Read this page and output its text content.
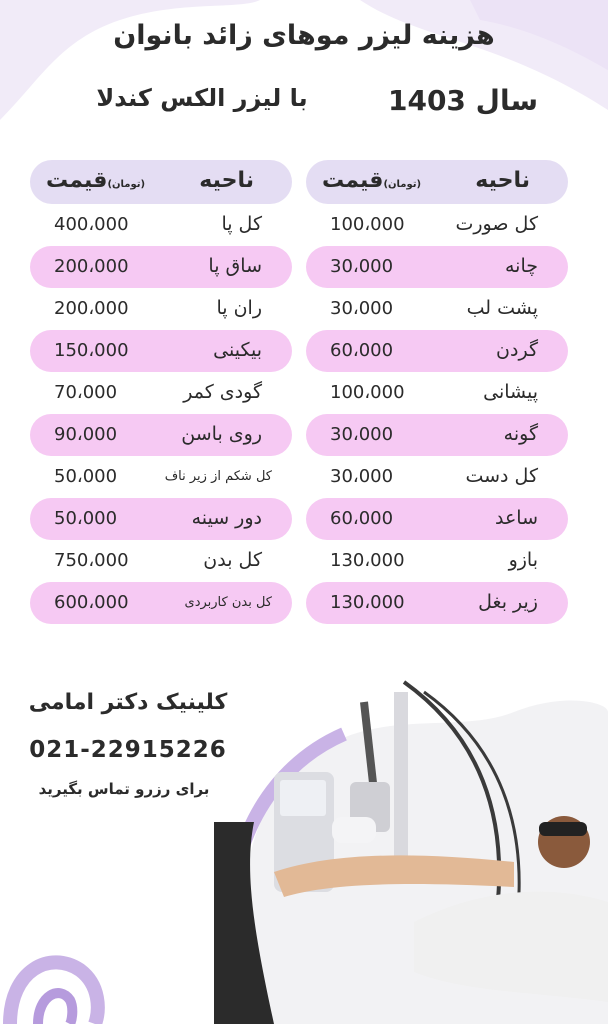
هزینه لیزر موهای زائد بانوان
با لیزر الکس کندلا	سال 1403
ناحیه
(تومان)قیمت
کل صورت
100،000
چانه
30،000
پشت لب
30،000
گردن
60،000
پیشانی
100،000
گونه
30،000
کل دست
30،000
ساعد
60،000
بازو
130،000
زیر بغل
130،000
ناحیه
(تومان)قیمت
کل پا
400،000
ساق پا
200،000
ران پا
200،000
بیکینی
150،000
گودی کمر
70،000
روی باسن
90،000
کل شکم از زیر ناف
50،000
دور سینه
50،000
کل بدن
750،000
کل بدن کاربردی
600،000
کلینیک دکتر امامی
021-22915226
برای رزرو تماس بگیرید
